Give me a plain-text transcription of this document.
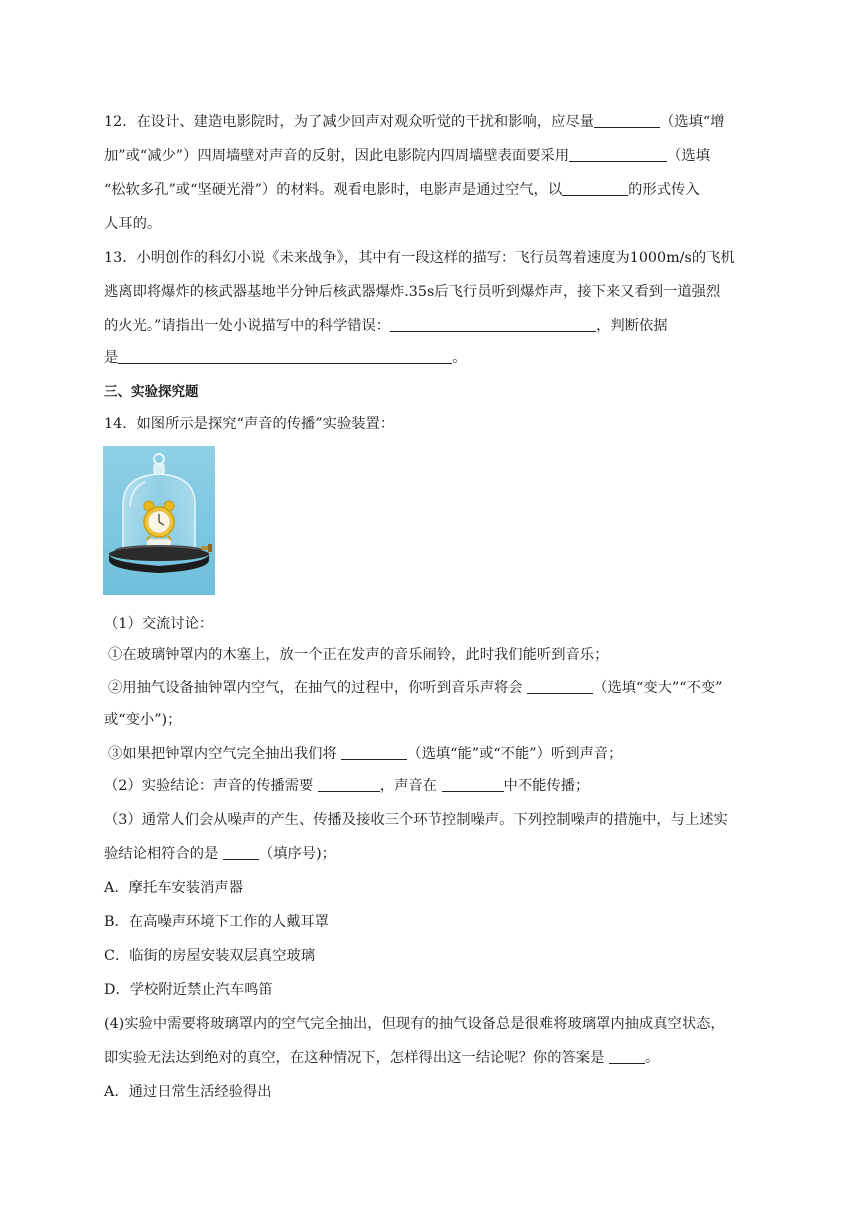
12．在设计、建造电影院时，为了减少回声对观众听觉的干扰和影响，应尽量	（选填“增
加”或“减少”）四周墙壁对声音的反射，因此电影院内四周墙壁表面要采用	（选填
“松软多孔”或“坚硬光滑”）的材料。观看电影时，电影声是通过空气，以	的形式传入
人耳的。
13．小明创作的科幻小说《未来战争》，其中有一段这样的描写：飞行员驾着速度为1000m/s的飞机
逃离即将爆炸的核武器基地半分钟后核武器爆炸.35s后飞行员听到爆炸声，接下来又看到一道强烈
的火光。”请指出一处小说描写中的科学错误：	，判断依据
是	。
三、实验探究题
14．如图所示是探究“声音的传播”实验装置：
（1）交流讨论：
①在玻璃钟罩内的木塞上，放一个正在发声的音乐闹铃，此时我们能听到音乐；
②用抽气设备抽钟罩内空气，在抽气的过程中，你听到音乐声将会	（选填“变大”“不变”
或“变小”)；
③如果把钟罩内空气完全抽出我们将	（选填“能”或“不能”）听到声音；
（2）实验结论：声音的传播需要	，声音在	中不能传播；
（3）通常人们会从噪声的产生、传播及接收三个环节控制噪声。下列控制噪声的措施中，与上述实
验结论相符合的是	（填序号)；
A．摩托车安装消声器
B．在高噪声环境下工作的人戴耳罩
C．临街的房屋安装双层真空玻璃
D．学校附近禁止汽车鸣笛
(4)实验中需要将玻璃罩内的空气完全抽出，但现有的抽气设备总是很难将玻璃罩内抽成真空状态，
即实验无法达到绝对的真空，在这种情况下，怎样得出这一结论呢？你的答案是	。
A．通过日常生活经验得出
